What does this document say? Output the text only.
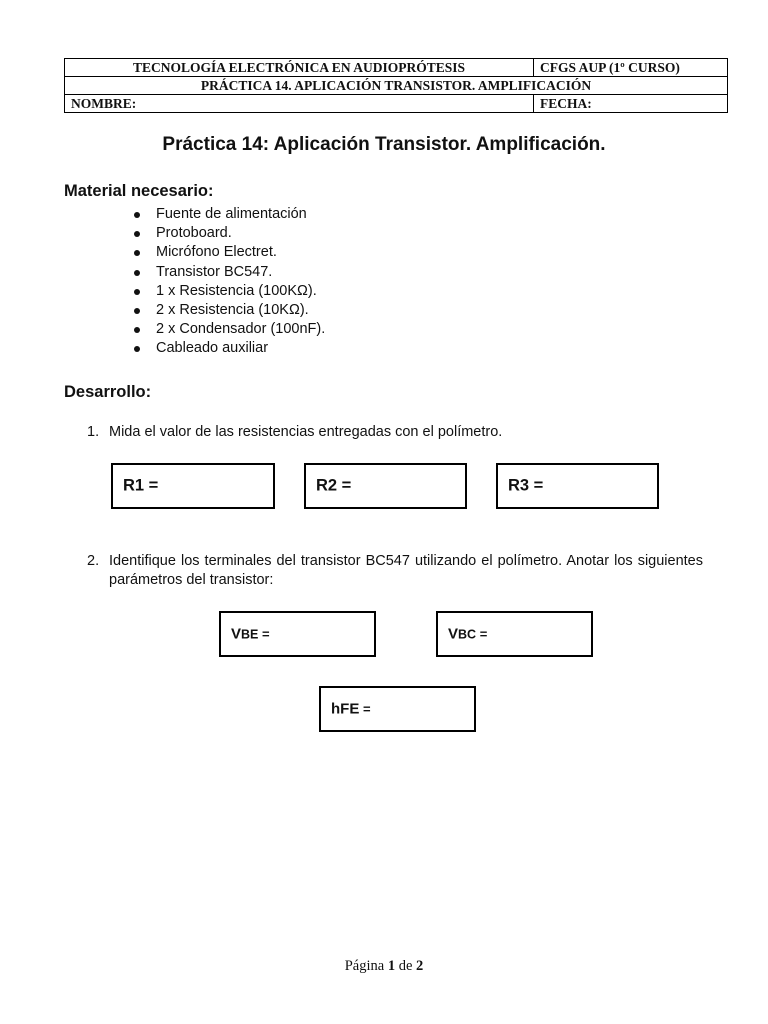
TECNOLOGÍA ELECTRÓNICA EN AUDIOPRÓTESIS	CFGS AUP (1º CURSO)
PRÁCTICA 14. APLICACIÓN TRANSISTOR. AMPLIFICACIÓN	
NOMBRE:	FECHA:
Práctica 14: Aplicación Transistor. Amplificación.
Material necesario:
Fuente de alimentación
Protoboard.
Micrófono Electret.
Transistor BC547.
1 x Resistencia (100KΩ).
2 x Resistencia (10KΩ).
2 x Condensador (100nF).
Cableado auxiliar
Desarrollo:
1. Mida el valor de las resistencias entregadas con el polímetro.
R1 =	R2 =	R3 =
2. Identifique los terminales del transistor BC547 utilizando el polímetro. Anotar los siguientes parámetros del transistor:
VBE =	VBC =
hFE =
Página 1 de 2
